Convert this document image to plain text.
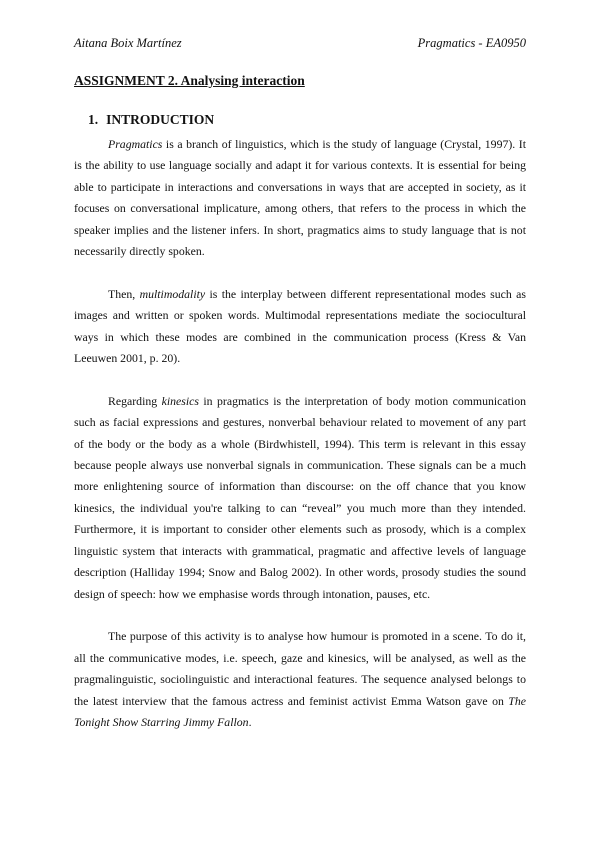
Aitana Boix Martínez	Pragmatics - EA0950
ASSIGNMENT 2. Analysing interaction
1. INTRODUCTION

Pragmatics is a branch of linguistics, which is the study of language (Crystal, 1997). It is the ability to use language socially and adapt it for various contexts. It is essential for being able to participate in interactions and conversations in ways that are accepted in society, as it focuses on conversational implicature, among others, that refers to the process in which the speaker implies and the listener infers. In short, pragmatics aims to study language that is not necessarily directly spoken.

Then, multimodality is the interplay between different representational modes such as images and written or spoken words. Multimodal representations mediate the sociocultural ways in which these modes are combined in the communication process (Kress & Van Leeuwen 2001, p. 20).

Regarding kinesics in pragmatics is the interpretation of body motion communication such as facial expressions and gestures, nonverbal behaviour related to movement of any part of the body or the body as a whole (Birdwhistell, 1994). This term is relevant in this essay because people always use nonverbal signals in communication. These signals can be a much more enlightening source of information than discourse: on the off chance that you know kinesics, the individual you're talking to can “reveal” you much more than they intended. Furthermore, it is important to consider other elements such as prosody, which is a complex linguistic system that interacts with grammatical, pragmatic and affective levels of language description (Halliday 1994; Snow and Balog 2002). In other words, prosody studies the sound design of speech: how we emphasise words through intonation, pauses, etc.

The purpose of this activity is to analyse how humour is promoted in a scene. To do it, all the communicative modes, i.e. speech, gaze and kinesics, will be analysed, as well as the pragmalinguistic, sociolinguistic and interactional features. The sequence analysed belongs to the latest interview that the famous actress and feminist activist Emma Watson gave on The Tonight Show Starring Jimmy Fallon.
